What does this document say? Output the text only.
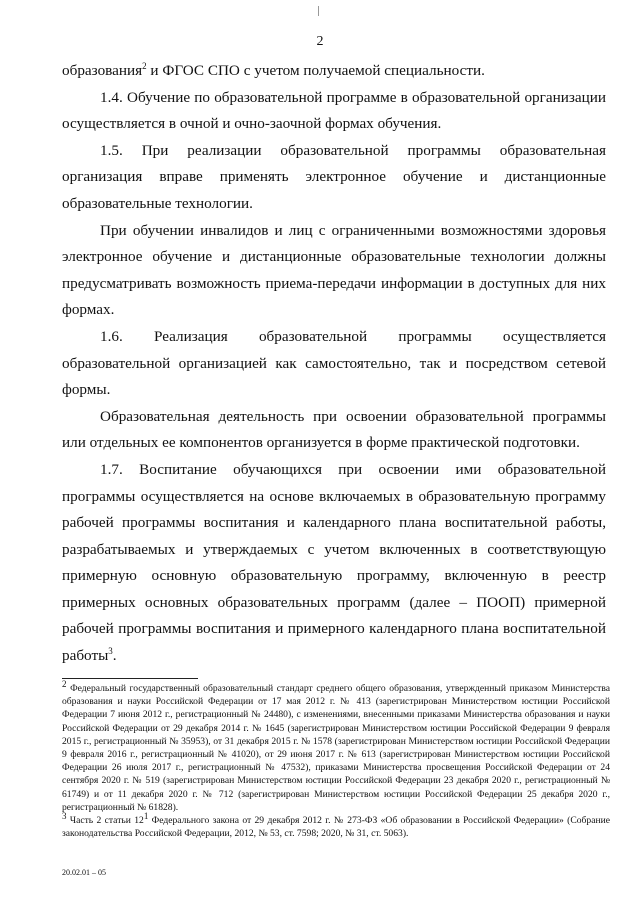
2

образования$^2$ и ФГОС СПО с учетом получаемой специальности.

1.4. Обучение по образовательной программе в образовательной организации осуществляется в очной и очно-заочной формах обучения.

1.5. При реализации образовательной программы образовательная организация вправе применять электронное обучение и дистанционные образовательные технологии.

При обучении инвалидов и лиц с ограниченными возможностями здоровья электронное обучение и дистанционные образовательные технологии должны предусматривать возможность приема-передачи информации в доступных для них формах.

1.6. Реализация образовательной программы осуществляется образовательной организацией как самостоятельно, так и посредством сетевой формы.

Образовательная деятельность при освоении образовательной программы или отдельных ее компонентов организуется в форме практической подготовки.

1.7. Воспитание обучающихся при освоении ими образовательной программы осуществляется на основе включаемых в образовательную программу рабочей программы воспитания и календарного плана воспитательной работы, разрабатываемых и утверждаемых с учетом включенных в соответствующую примерную основную образовательную программу, включенную в реестр примерных основных образовательных программ (далее – ПООП) примерной рабочей программы воспитания и примерного календарного плана воспитательной работы$^3$.

$^2$ Федеральный государственный образовательный стандарт среднего общего образования, утвержденный приказом Министерства образования и науки Российской Федерации от 17 мая 2012 г. № 413 (зарегистрирован Министерством юстиции Российской Федерации 7 июня 2012 г., регистрационный № 24480), с изменениями, внесенными приказами Министерства образования и науки Российской Федерации от 29 декабря 2014 г. № 1645 (зарегистрирован Министерством юстиции Российской Федерации 9 февраля 2015 г., регистрационный № 35953), от 31 декабря 2015 г. № 1578 (зарегистрирован Министерством юстиции Российской Федерации 9 февраля 2016 г., регистрационный № 41020), от 29 июня 2017 г. № 613 (зарегистрирован Министерством юстиции Российской Федерации 26 июля 2017 г., регистрационный № 47532), приказами Министерства просвещения Российской Федерации от 24 сентября 2020 г. № 519 (зарегистрирован Министерством юстиции Российской Федерации 23 декабря 2020 г., регистрационный № 61749) и от 11 декабря 2020 г. № 712 (зарегистрирован Министерством юстиции Российской Федерации 25 декабря 2020 г., регистрационный № 61828).

$^3$ Часть 2 статьи $12^1$ Федерального закона от 29 декабря 2012 г. № 273-ФЗ «Об образовании в Российской Федерации» (Собрание законодательства Российской Федерации, 2012, № 53, ст. 7598; 2020, № 31, ст. 5063).

20.02.01 – 05
